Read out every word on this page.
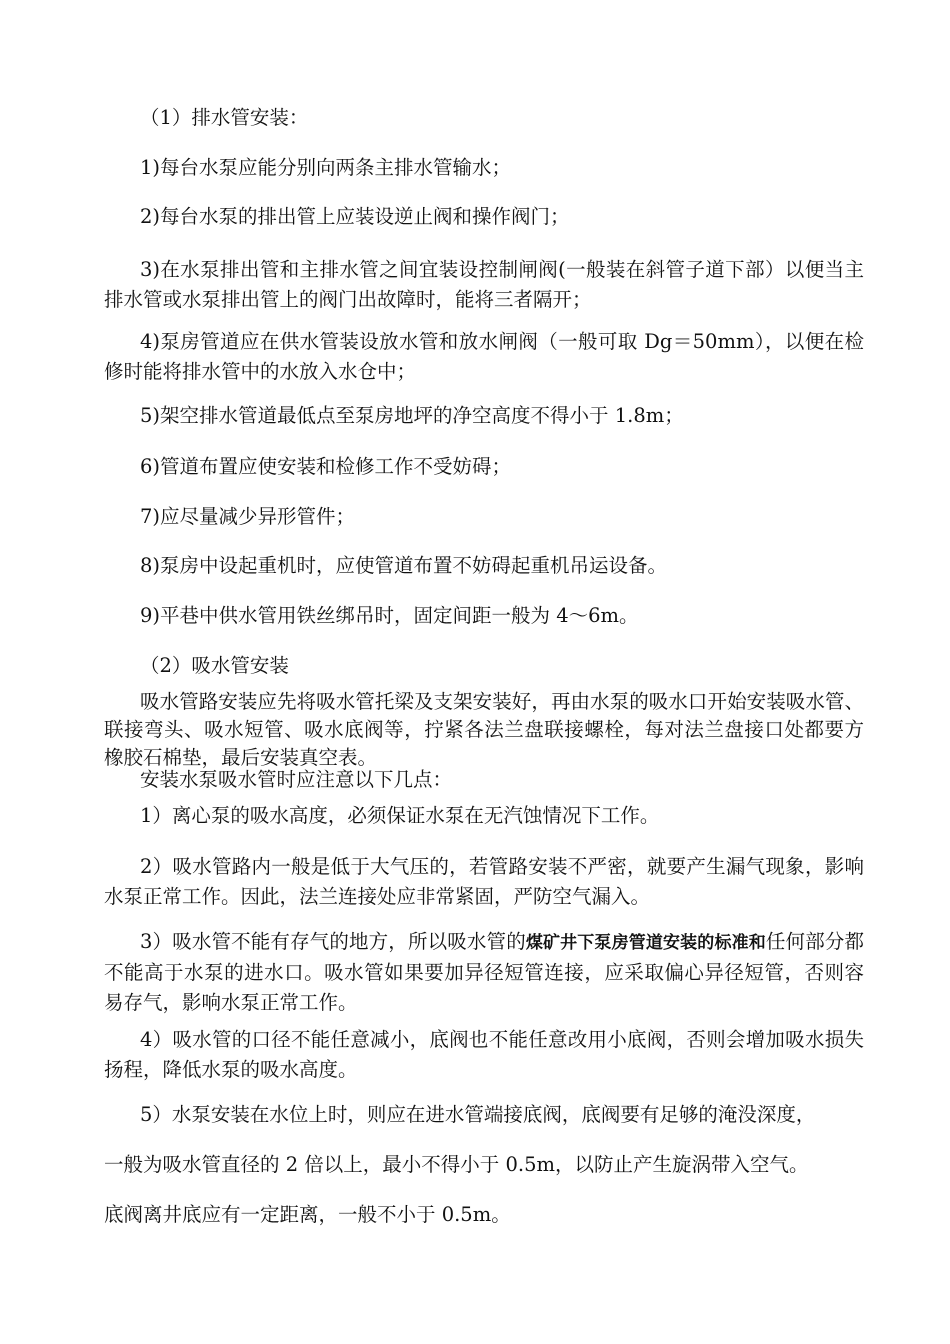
（1）排水管安装：

1)每台水泵应能分别向两条主排水管输水；

2)每台水泵的排出管上应装设逆止阀和操作阀门；

3)在水泵排出管和主排水管之间宜装设控制闸阀(一般装在斜管子道下部）以便当主排水管或水泵排出管上的阀门出故障时，能将三者隔开；

4)泵房管道应在供水管装设放水管和放水闸阀（一般可取 Dg＝50mm），以便在检修时能将排水管中的水放入水仓中；

5)架空排水管道最低点至泵房地坪的净空高度不得小于 1.8m；

6)管道布置应使安装和检修工作不受妨碍；

7)应尽量减少异形管件；

8)泵房中设起重机时，应使管道布置不妨碍起重机吊运设备。

9)平巷中供水管用铁丝绑吊时，固定间距一般为 4～6m。

（2）吸水管安装

吸水管路安装应先将吸水管托梁及支架安装好，再由水泵的吸水口开始安装吸水管、联接弯头、吸水短管、吸水底阀等，拧紧各法兰盘联接螺栓，每对法兰盘接口处都要方橡胶石棉垫，最后安装真空表。

安装水泵吸水管时应注意以下几点：

1）离心泵的吸水高度，必须保证水泵在无汽蚀情况下工作。

2）吸水管路内一般是低于大气压的，若管路安装不严密，就要产生漏气现象，影响水泵正常工作。因此，法兰连接处应非常紧固，严防空气漏入。

3）吸水管不能有存气的地方，所以吸水管的煤矿井下泵房管道安装的标准和任何部分都不能高于水泵的进水口。吸水管如果要加异径短管连接，应采取偏心异径短管，否则容易存气，影响水泵正常工作。

4）吸水管的口径不能任意减小，底阀也不能任意改用小底阀，否则会增加吸水损失扬程，降低水泵的吸水高度。

5）水泵安装在水位上时，则应在进水管端接底阀，底阀要有足够的淹没深度，

一般为吸水管直径的 2 倍以上，最小不得小于 0.5m，以防止产生旋涡带入空气。

底阀离井底应有一定距离，一般不小于 0.5m。
